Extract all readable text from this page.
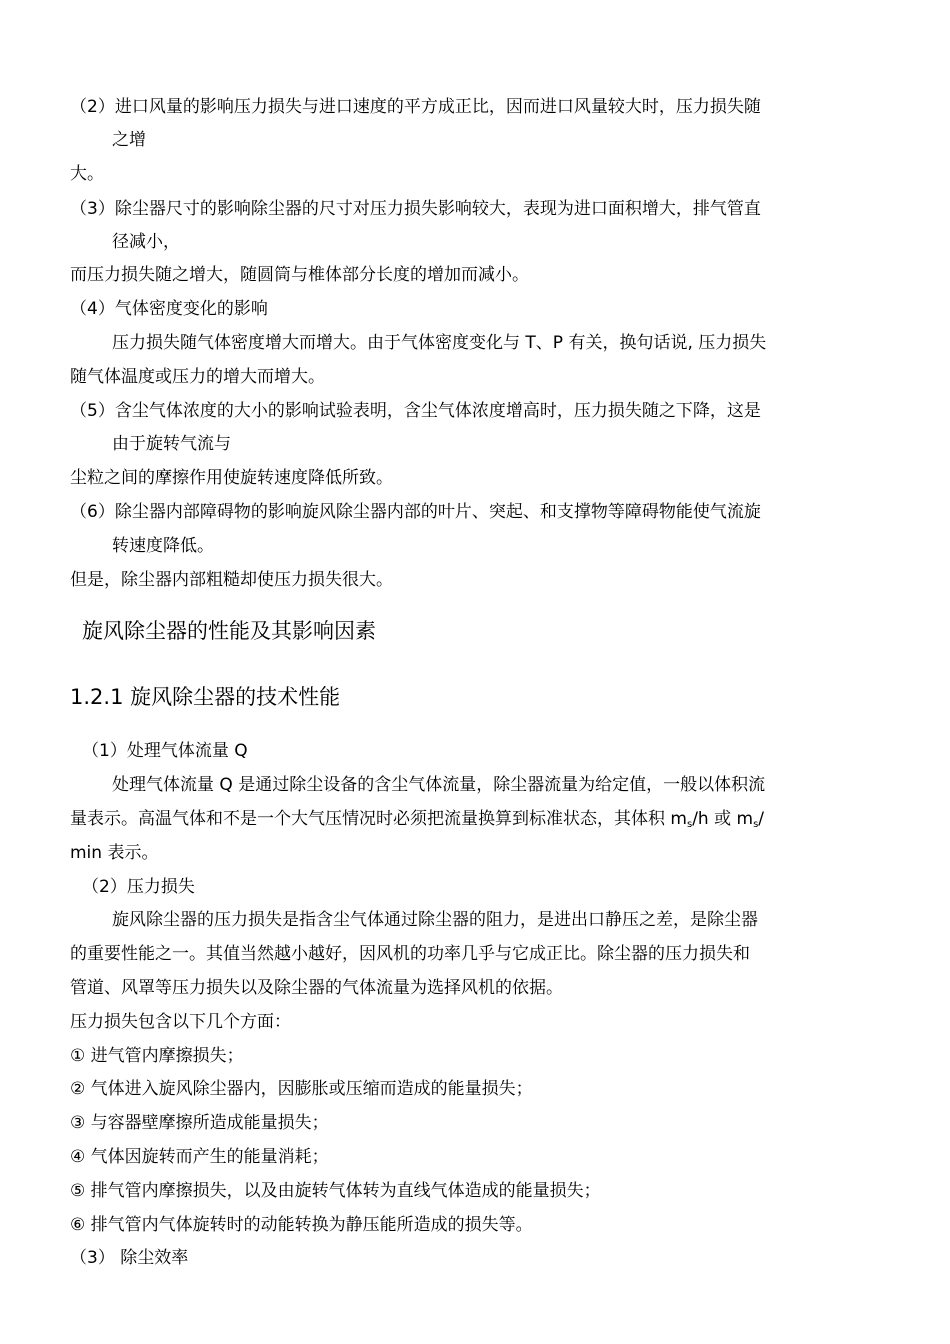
（2）进口风量的影响压力损失与进口速度的平方成正比，因而进口风量较大时，压力损失随
之增
大。
（3）除尘器尺寸的影响除尘器的尺寸对压力损失影响较大，表现为进口面积增大，排气管直
径减小，
而压力损失随之增大，随圆筒与椎体部分长度的增加而减小。
（4）气体密度变化的影响
压力损失随气体密度增大而增大。由于气体密度变化与 T、P 有关，换句话说, 压力损失
随气体温度或压力的增大而增大。
（5）含尘气体浓度的大小的影响试验表明，含尘气体浓度增高时，压力损失随之下降，这是
由于旋转气流与
尘粒之间的摩擦作用使旋转速度降低所致。
（6）除尘器内部障碍物的影响旋风除尘器内部的叶片、突起、和支撑物等障碍物能使气流旋
转速度降低。
但是，除尘器内部粗糙却使压力损失很大。
旋风除尘器的性能及其影响因素
1.2.1 旋风除尘器的技术性能
（1）处理气体流量 Q
处理气体流量 Q 是通过除尘设备的含尘气体流量，除尘器流量为给定值，一般以体积流
量表示。高温气体和不是一个大气压情况时必须把流量换算到标准状态，其体积 $m_s/h$ 或 $m_s/$
min 表示。
（2）压力损失
旋风除尘器的压力损失是指含尘气体通过除尘器的阻力，是进出口静压之差，是除尘器
的重要性能之一。其值当然越小越好，因风机的功率几乎与它成正比。除尘器的压力损失和
管道、风罩等压力损失以及除尘器的气体流量为选择风机的依据。
压力损失包含以下几个方面：
① 进气管内摩擦损失；
② 气体进入旋风除尘器内，因膨胀或压缩而造成的能量损失；
③ 与容器壁摩擦所造成能量损失；
④ 气体因旋转而产生的能量消耗；
⑤ 排气管内摩擦损失，以及由旋转气体转为直线气体造成的能量损失；
⑥ 排气管内气体旋转时的动能转换为静压能所造成的损失等。
（3） 除尘效率
